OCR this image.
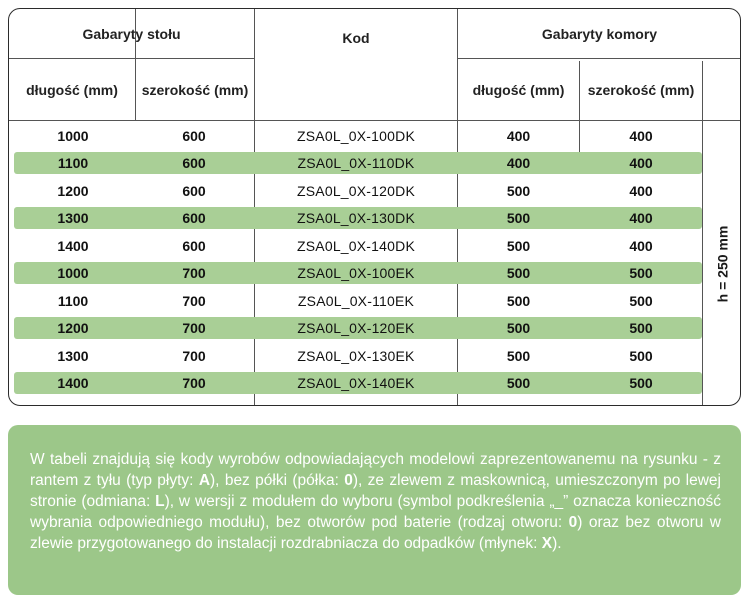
Gabaryty stołu	Kod	Gabaryty komory
długość (mm)	szerokość (mm)	długość (mm)	szerokość (mm)
1000	600	ZSA0L_0X-100DK	400	400
1100	600	ZSA0L_0X-110DK	400	400
1200	600	ZSA0L_0X-120DK	500	400
1300	600	ZSA0L_0X-130DK	500	400
1400	600	ZSA0L_0X-140DK	500	400
1000	700	ZSA0L_0X-100EK	500	500
1100	700	ZSA0L_0X-110EK	500	500
1200	700	ZSA0L_0X-120EK	500	500
1300	700	ZSA0L_0X-130EK	500	500
1400	700	ZSA0L_0X-140EK	500	500
h = 250 mm
W tabeli znajdują się kody wyrobów odpowiadających modelowi zaprezentowanemu na rysunku - z rantem z tyłu (typ płyty: A), bez półki (półka: 0), ze zlewem z maskownicą, umieszczonym po lewej stronie (odmiana: L), w wersji z modułem do wyboru (symbol podkreślenia „_” oznacza konieczność wybrania odpowiedniego modułu), bez otworów pod baterie (rodzaj otworu: 0) oraz bez otworu w zlewie przygotowanego do instalacji rozdrabniacza do odpadków (młynek: X).
